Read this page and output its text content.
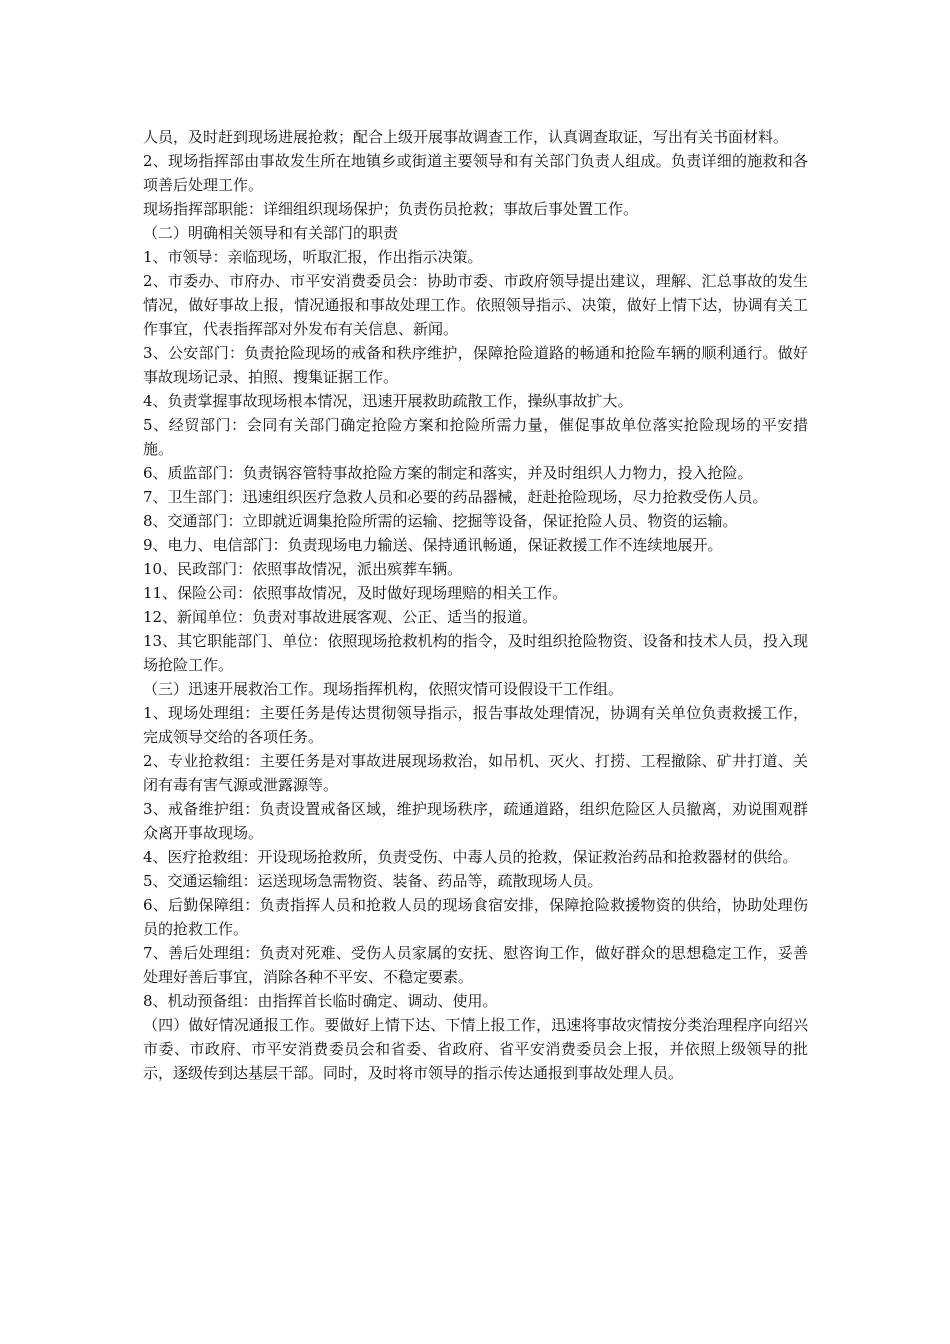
人员，及时赶到现场进展抢救；配合上级开展事故调查工作，认真调查取证，写出有关书面材料。

2、现场指挥部由事故发生所在地镇乡或街道主要领导和有关部门负责人组成。负责详细的施救和各项善后处理工作。

现场指挥部职能：详细组织现场保护；负责伤员抢救；事故后事处置工作。

（二）明确相关领导和有关部门的职责

1、市领导：亲临现场，听取汇报，作出指示决策。

2、市委办、市府办、市平安消费委员会：协助市委、市政府领导提出建议，理解、汇总事故的发生情况，做好事故上报，情况通报和事故处理工作。依照领导指示、决策，做好上情下达，协调有关工作事宜，代表指挥部对外发布有关信息、新闻。

3、公安部门：负责抢险现场的戒备和秩序维护，保障抢险道路的畅通和抢险车辆的顺利通行。做好事故现场记录、拍照、搜集证据工作。

4、负责掌握事故现场根本情况，迅速开展救助疏散工作，操纵事故扩大。

5、经贸部门：会同有关部门确定抢险方案和抢险所需力量，催促事故单位落实抢险现场的平安措施。

6、质监部门：负责锅容管特事故抢险方案的制定和落实，并及时组织人力物力，投入抢险。

7、卫生部门：迅速组织医疗急救人员和必要的药品器械，赶赴抢险现场，尽力抢救受伤人员。

8、交通部门：立即就近调集抢险所需的运输、挖掘等设备，保证抢险人员、物资的运输。

9、电力、电信部门：负责现场电力输送、保持通讯畅通，保证救援工作不连续地展开。

10、民政部门：依照事故情况，派出殡葬车辆。

11、保险公司：依照事故情况，及时做好现场理赔的相关工作。

12、新闻单位：负责对事故进展客观、公正、适当的报道。

13、其它职能部门、单位：依照现场抢救机构的指令，及时组织抢险物资、设备和技术人员，投入现场抢险工作。

（三）迅速开展救治工作。现场指挥机构，依照灾情可设假设干工作组。

1、现场处理组：主要任务是传达贯彻领导指示，报告事故处理情况，协调有关单位负责救援工作，完成领导交给的各项任务。

2、专业抢救组：主要任务是对事故进展现场救治，如吊机、灭火、打捞、工程撤除、矿井打道、关闭有毒有害气源或泄露源等。

3、戒备维护组：负责设置戒备区域，维护现场秩序，疏通道路，组织危险区人员撤离，劝说围观群众离开事故现场。

4、医疗抢救组：开设现场抢救所，负责受伤、中毒人员的抢救，保证救治药品和抢救器材的供给。

5、交通运输组：运送现场急需物资、装备、药品等，疏散现场人员。

6、后勤保障组：负责指挥人员和抢救人员的现场食宿安排，保障抢险救援物资的供给，协助处理伤员的抢救工作。

7、善后处理组：负责对死难、受伤人员家属的安抚、慰咨询工作，做好群众的思想稳定工作，妥善处理好善后事宜，消除各种不平安、不稳定要素。

8、机动预备组：由指挥首长临时确定、调动、使用。

（四）做好情况通报工作。要做好上情下达、下情上报工作，迅速将事故灾情按分类治理程序向绍兴市委、市政府、市平安消费委员会和省委、省政府、省平安消费委员会上报，并依照上级领导的批示，逐级传到达基层干部。同时，及时将市领导的指示传达通报到事故处理人员。
